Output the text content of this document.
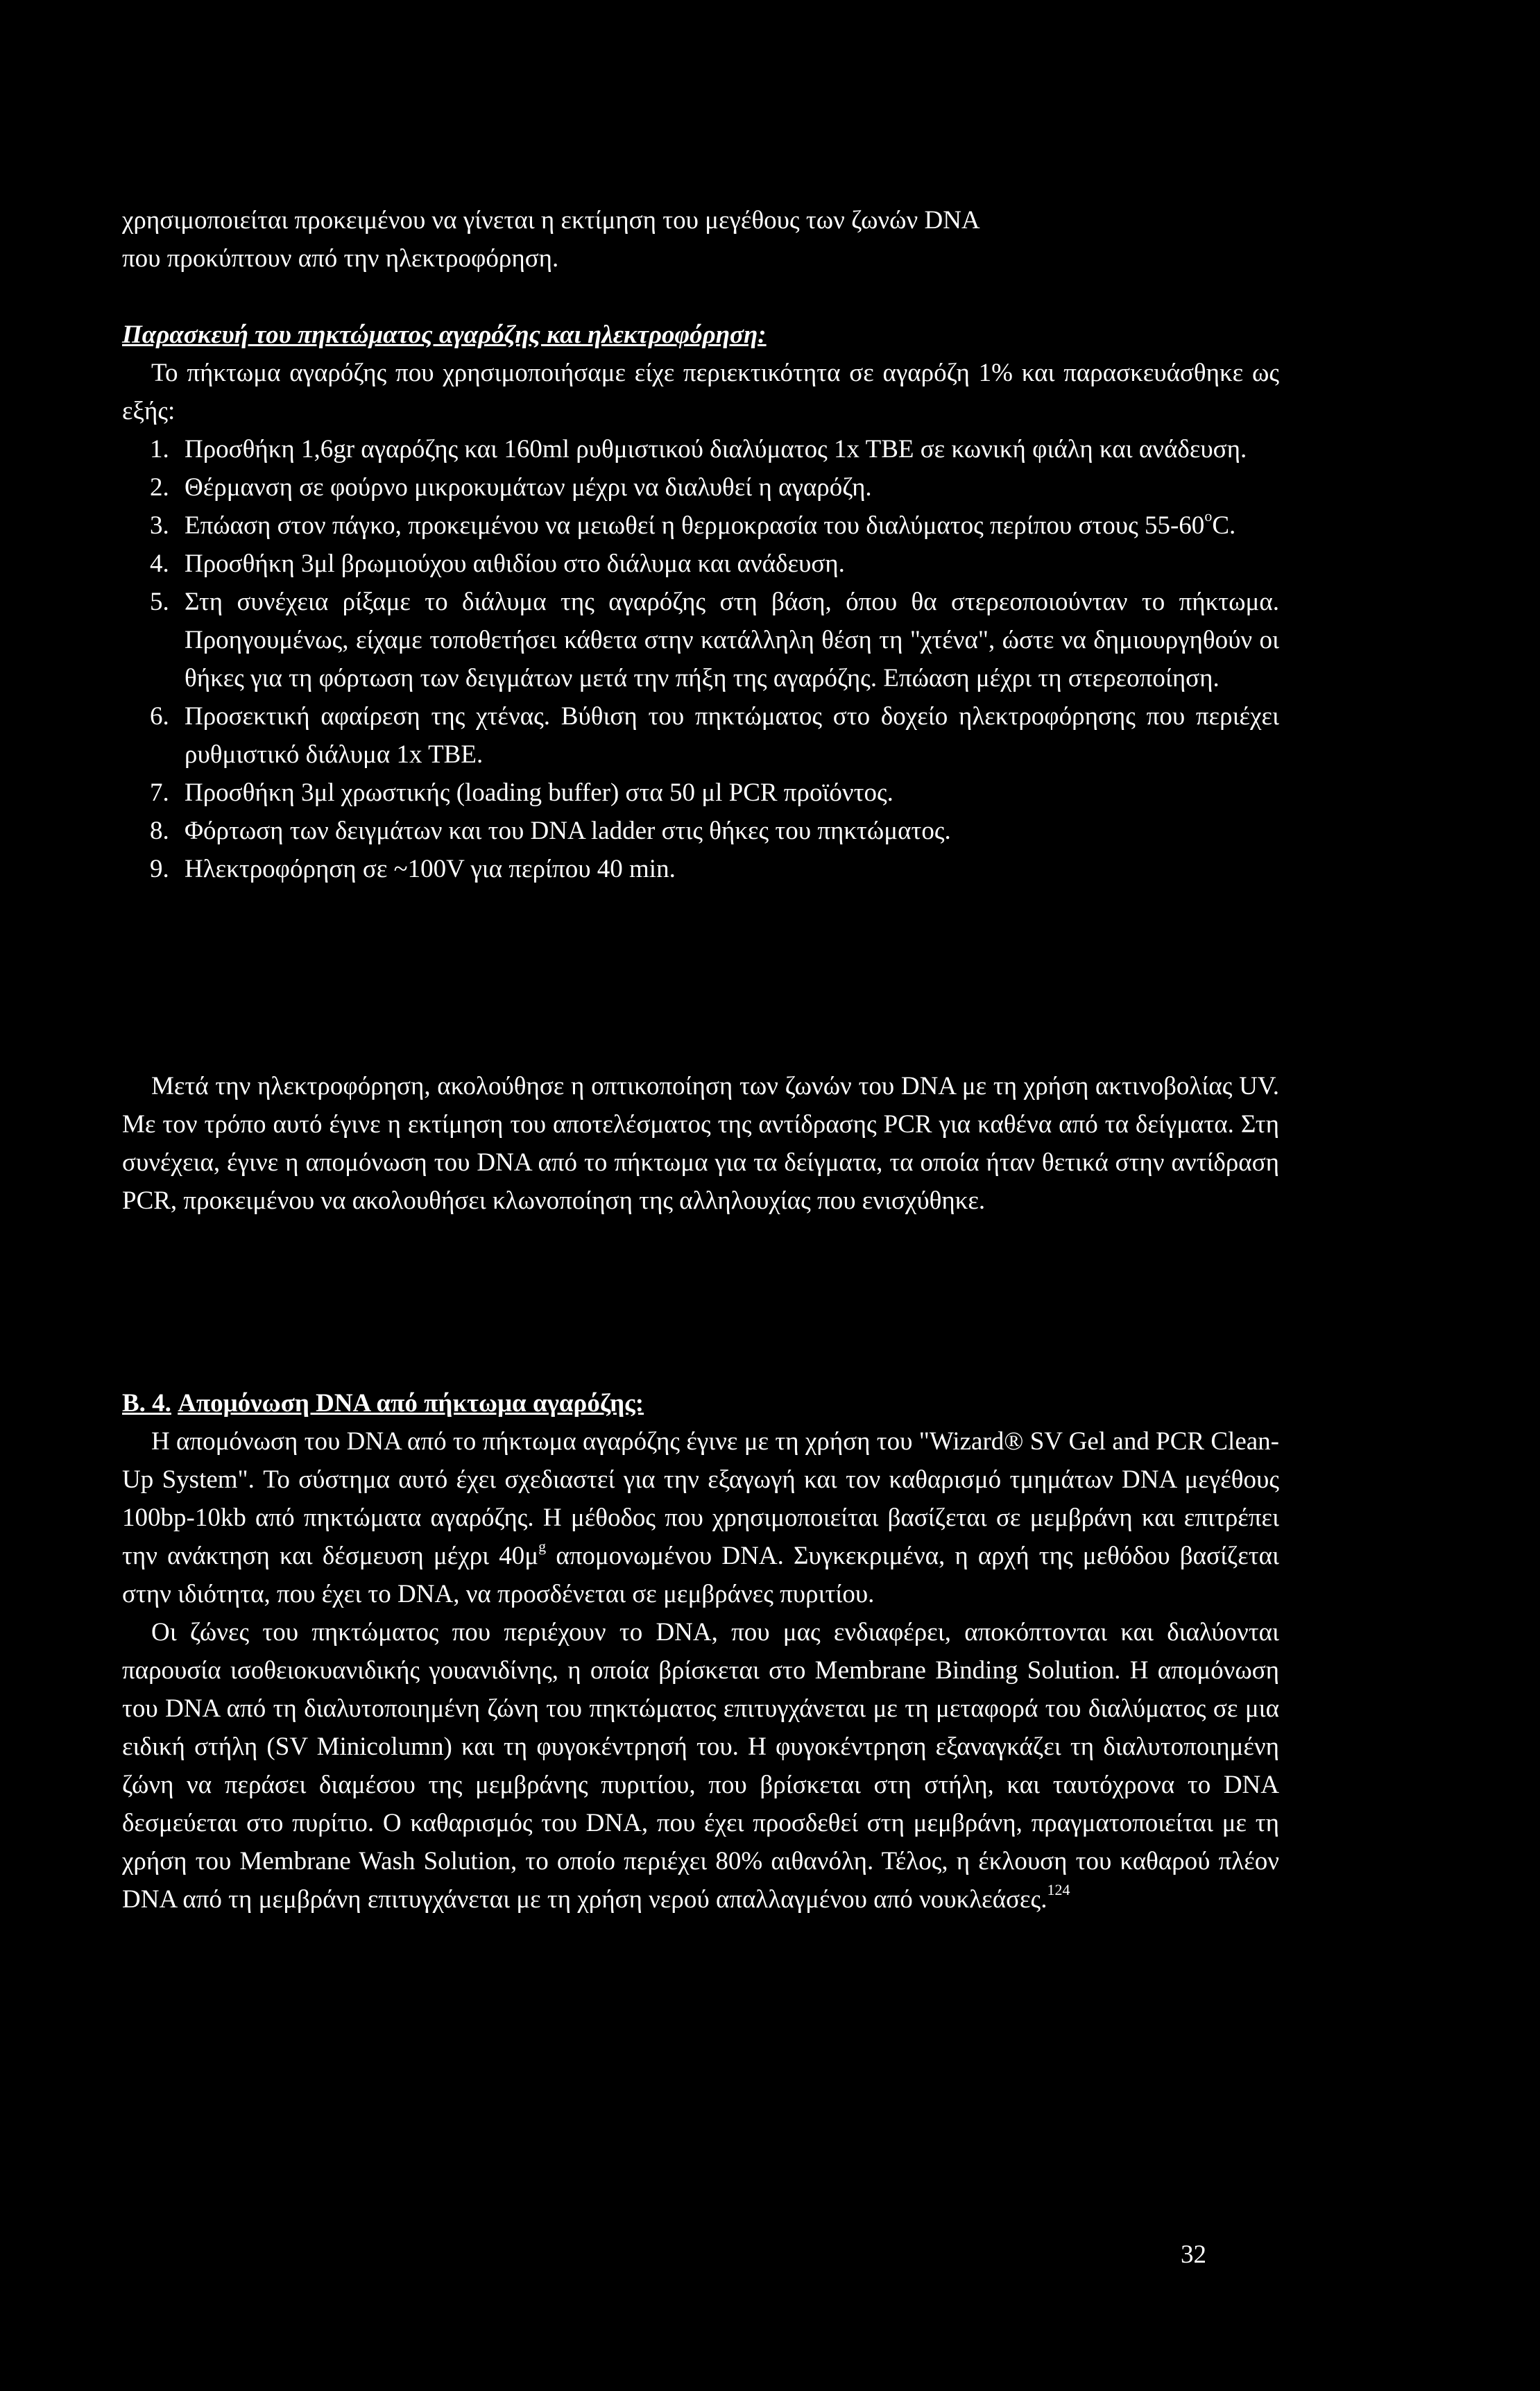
χρησιμοποιείται προκειμένου να γίνεται η εκτίμηση του μεγέθους των ζωνών DNA
που προκύπτουν από την ηλεκτροφόρηση.
Παρασκευή του πηκτώματος αγαρόζης και ηλεκτροφόρηση:
Το πήκτωμα αγαρόζης που χρησιμοποιήσαμε είχε περιεκτικότητα σε αγαρόζη 1% και παρασκευάσθηκε ως εξής:
1. Προσθήκη 1,6gr αγαρόζης και 160ml ρυθμιστικού διαλύματος 1x TBE σε κωνική φιάλη και ανάδευση.
2. Θέρμανση σε φούρνο μικροκυμάτων μέχρι να διαλυθεί η αγαρόζη.
3. Επώαση στον πάγκο, προκειμένου να μειωθεί η θερμοκρασία του διαλύματος περίπου στους 55-60$^o$C.
4. Προσθήκη 3μl βρωμιούχου αιθιδίου στο διάλυμα και ανάδευση.
5. Στη συνέχεια ρίξαμε το διάλυμα της αγαρόζης στη βάση, όπου θα στερεοποιούνταν το πήκτωμα. Προηγουμένως, είχαμε τοποθετήσει κάθετα στην κατάλληλη θέση τη "χτένα", ώστε να δημιουργηθούν οι θήκες για τη φόρτωση των δειγμάτων μετά την πήξη της αγαρόζης. Επώαση μέχρι τη στερεοποίηση.
6. Προσεκτική αφαίρεση της χτένας. Βύθιση του πηκτώματος στο δοχείο ηλεκτροφόρησης που περιέχει ρυθμιστικό διάλυμα 1x TBE.
7. Προσθήκη 3μl χρωστικής (loading buffer) στα 50 μl PCR προϊόντος.
8. Φόρτωση των δειγμάτων και του DNA ladder στις θήκες του πηκτώματος.
9. Ηλεκτροφόρηση σε ~100V για περίπου 40 min.
Μετά την ηλεκτροφόρηση, ακολούθησε η οπτικοποίηση των ζωνών του DNA με τη χρήση ακτινοβολίας UV. Με τον τρόπο αυτό έγινε η εκτίμηση του αποτελέσματος της αντίδρασης PCR για καθένα από τα δείγματα. Στη συνέχεια, έγινε η απομόνωση του DNA από το πήκτωμα για τα δείγματα, τα οποία ήταν θετικά στην αντίδραση PCR, προκειμένου να ακολουθήσει κλωνοποίηση της αλληλουχίας που ενισχύθηκε.
Β. 4. Απομόνωση DNA από πήκτωμα αγαρόζης:
Η απομόνωση του DNA από το πήκτωμα αγαρόζης έγινε με τη χρήση του "Wizard® SV Gel and PCR Clean-Up System". Το σύστημα αυτό έχει σχεδιαστεί για την εξαγωγή και τον καθαρισμό τμημάτων DNA μεγέθους 100bp-10kb από πηκτώματα αγαρόζης. Η μέθοδος που χρησιμοποιείται βασίζεται σε μεμβράνη και επιτρέπει την ανάκτηση και δέσμευση μέχρι $40\mu^g$ απομονωμένου DNA. Συγκεκριμένα, η αρχή της μεθόδου βασίζεται στην ιδιότητα, που έχει το DNA, να προσδένεται σε μεμβράνες πυριτίου.
Οι ζώνες του πηκτώματος που περιέχουν το DNA, που μας ενδιαφέρει, αποκόπτονται και διαλύονται παρουσία ισοθειοκυανιδικής γουανιδίνης, η οποία βρίσκεται στο Membrane Binding Solution. Η απομόνωση του DNA από τη διαλυτοποιημένη ζώνη του πηκτώματος επιτυγχάνεται με τη μεταφορά του διαλύματος σε μια ειδική στήλη (SV Minicolumn) και τη φυγοκέντρησή του. Η φυγοκέντρηση εξαναγκάζει τη διαλυτοποιημένη ζώνη να περάσει διαμέσου της μεμβράνης πυριτίου, που βρίσκεται στη στήλη, και ταυτόχρονα το DNA δεσμεύεται στο πυρίτιο. Ο καθαρισμός του DNA, που έχει προσδεθεί στη μεμβράνη, πραγματοποιείται με τη χρήση του Membrane Wash Solution, το οποίο περιέχει 80% αιθανόλη. Τέλος, η έκλουση του καθαρού πλέον DNA από τη μεμβράνη επιτυγχάνεται με τη χρήση νερού απαλλαγμένου από νουκλεάσες.$^{124}$
32
